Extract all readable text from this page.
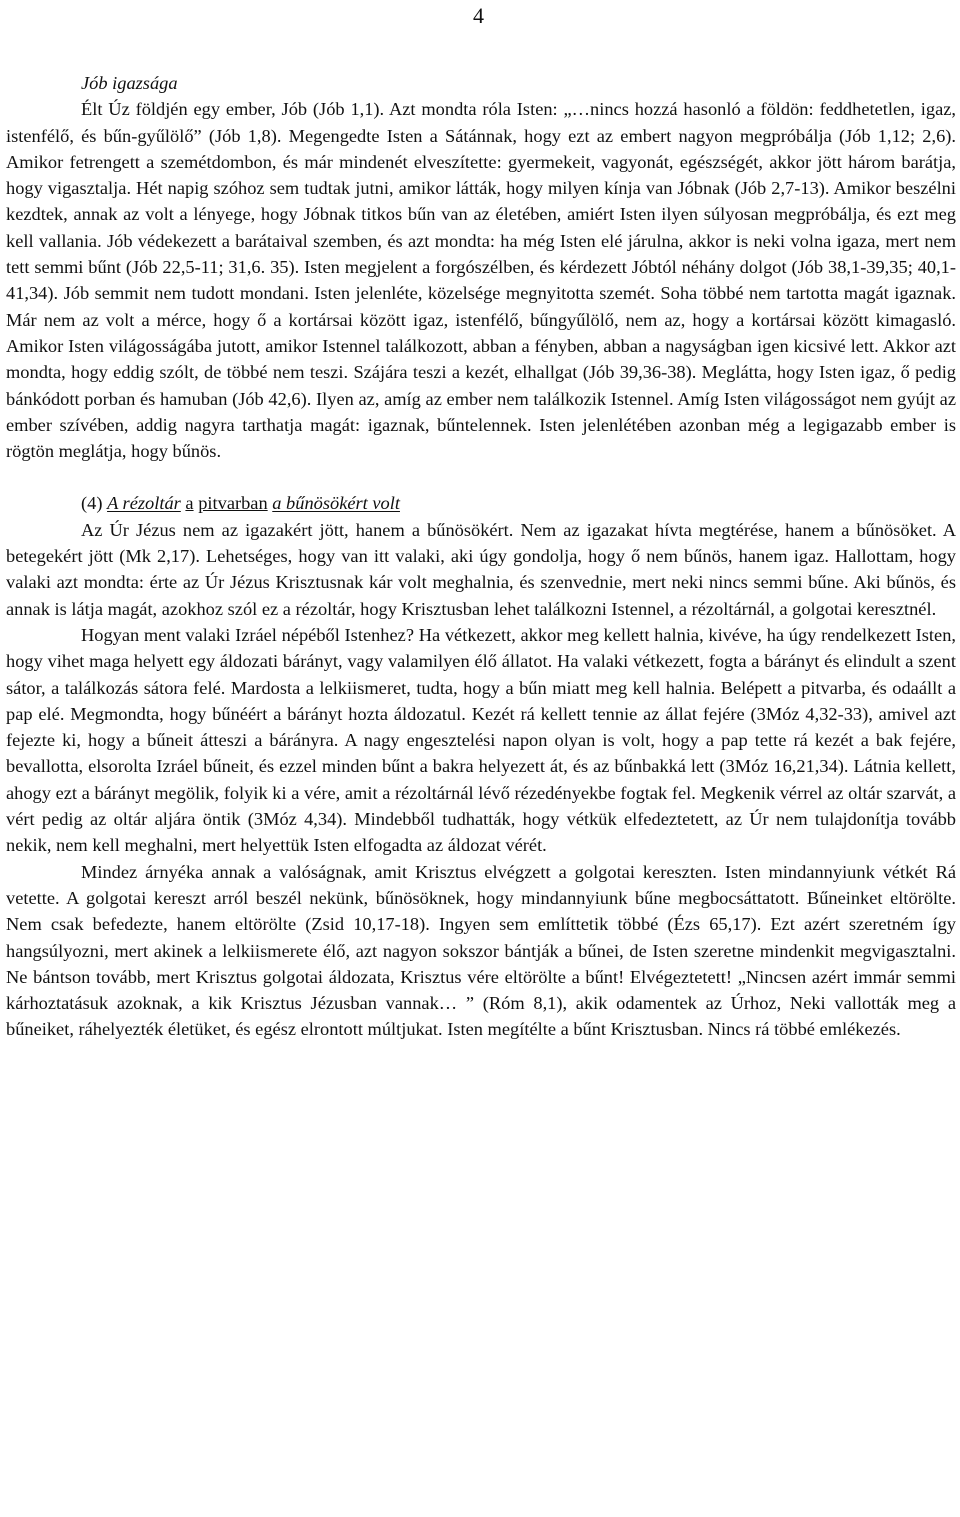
4

Jób igazsága

Élt Úz földjén egy ember, Jób (Jób 1,1). Azt mondta róla Isten: „…nincs hozzá hasonló a földön: feddhetetlen, igaz, istenfélő, és bűn-gyűlölő” (Jób 1,8). Megengedte Isten a Sátánnak, hogy ezt az embert nagyon megpróbálja (Jób 1,12; 2,6). Amikor fetrengett a szemétdombon, és már mindenét elveszítette: gyermekeit, vagyonát, egészségét, akkor jött három barátja, hogy vigasztalja. Hét napig szóhoz sem tudtak jutni, amikor látták, hogy milyen kínja van Jóbnak (Jób 2,7-13). Amikor beszélni kezdtek, annak az volt a lényege, hogy Jóbnak titkos bűn van az életében, amiért Isten ilyen súlyosan megpróbálja, és ezt meg kell vallania. Jób védekezett a barátaival szemben, és azt mondta: ha még Isten elé járulna, akkor is neki volna igaza, mert nem tett semmi bűnt (Jób 22,5-11; 31,6. 35). Isten megjelent a forgószélben, és kérdezett Jóbtól néhány dolgot (Jób 38,1-39,35; 40,1-41,34). Jób semmit nem tudott mondani. Isten jelenléte, közelsége megnyitotta szemét. Soha többé nem tartotta magát igaznak. Már nem az volt a mérce, hogy ő a kortársai között igaz, istenfélő, bűngyűlölő, nem az, hogy a kortársai között kimagasló. Amikor Isten világosságába jutott, amikor Istennel találkozott, abban a fényben, abban a nagyságban igen kicsivé lett. Akkor azt mondta, hogy eddig szólt, de többé nem teszi. Szájára teszi a kezét, elhallgat (Jób 39,36-38). Meglátta, hogy Isten igaz, ő pedig bánkódott porban és hamuban (Jób 42,6). Ilyen az, amíg az ember nem találkozik Istennel. Amíg Isten világosságot nem gyújt az ember szívében, addig nagyra tarthatja magát: igaznak, bűntelennek. Isten jelenlétében azonban még a legigazabb ember is rögtön meglátja, hogy bűnös.

(4) A rézoltár a pitvarban a bűnösökért volt

Az Úr Jézus nem az igazakért jött, hanem a bűnösökért. Nem az igazakat hívta megtérése, hanem a bűnösöket. A betegekért jött (Mk 2,17). Lehetséges, hogy van itt valaki, aki úgy gondolja, hogy ő nem bűnös, hanem igaz. Hallottam, hogy valaki azt mondta: érte az Úr Jézus Krisztusnak kár volt meghalnia, és szenvednie, mert neki nincs semmi bűne. Aki bűnös, és annak is látja magát, azokhoz szól ez a rézoltár, hogy Krisztusban lehet találkozni Istennel, a rézoltárnál, a golgotai keresztnél.

Hogyan ment valaki Izráel népéből Istenhez? Ha vétkezett, akkor meg kellett halnia, kivéve, ha úgy rendelkezett Isten, hogy vihet maga helyett egy áldozati bárányt, vagy valamilyen élő állatot. Ha valaki vétkezett, fogta a bárányt és elindult a szent sátor, a találkozás sátora felé. Mardosta a lelkiismeret, tudta, hogy a bűn miatt meg kell halnia. Belépett a pitvarba, és odaállt a pap elé. Megmondta, hogy bűnéért a bárányt hozta áldozatul. Kezét rá kellett tennie az állat fejére (3Móz 4,32-33), amivel azt fejezte ki, hogy a bűneit átteszi a bárányra. A nagy engesztelési napon olyan is volt, hogy a pap tette rá kezét a bak fejére, bevallotta, elsorolta Izráel bűneit, és ezzel minden bűnt a bakra helyezett át, és az bűnbakká lett (3Móz 16,21,34). Látnia kellett, ahogy ezt a bárányt megölik, folyik ki a vére, amit a rézoltárnál lévő rézedényekbe fogtak fel. Megkenik vérrel az oltár szarvát, a vért pedig az oltár aljára öntik (3Móz 4,34). Mindebből tudhatták, hogy vétkük elfedeztetett, az Úr nem tulajdonítja tovább nekik, nem kell meghalni, mert helyettük Isten elfogadta az áldozat vérét.

Mindez árnyéka annak a valóságnak, amit Krisztus elvégzett a golgotai kereszten. Isten mindannyiunk vétkét Rá vetette. A golgotai kereszt arról beszél nekünk, bűnösöknek, hogy mindannyiunk bűne megbocsáttatott. Bűneinket eltörölte. Nem csak befedezte, hanem eltörölte (Zsid 10,17-18). Ingyen sem említtetik többé (Ézs 65,17). Ezt azért szeretném így hangsúlyozni, mert akinek a lelkiismerete élő, azt nagyon sokszor bántják a bűnei, de Isten szeretne mindenkit megvigasztalni. Ne bántson tovább, mert Krisztus golgotai áldozata, Krisztus vére eltörölte a bűnt! Elvégeztetett! „Nincsen azért immár semmi kárhoztatásuk azoknak, a kik Krisztus Jézusban vannak… ” (Róm 8,1), akik odamentek az Úrhoz, Neki vallották meg a bűneiket, ráhelyezték életüket, és egész elrontott múltjukat. Isten megítélte a bűnt Krisztusban. Nincs rá többé emlékezés.
